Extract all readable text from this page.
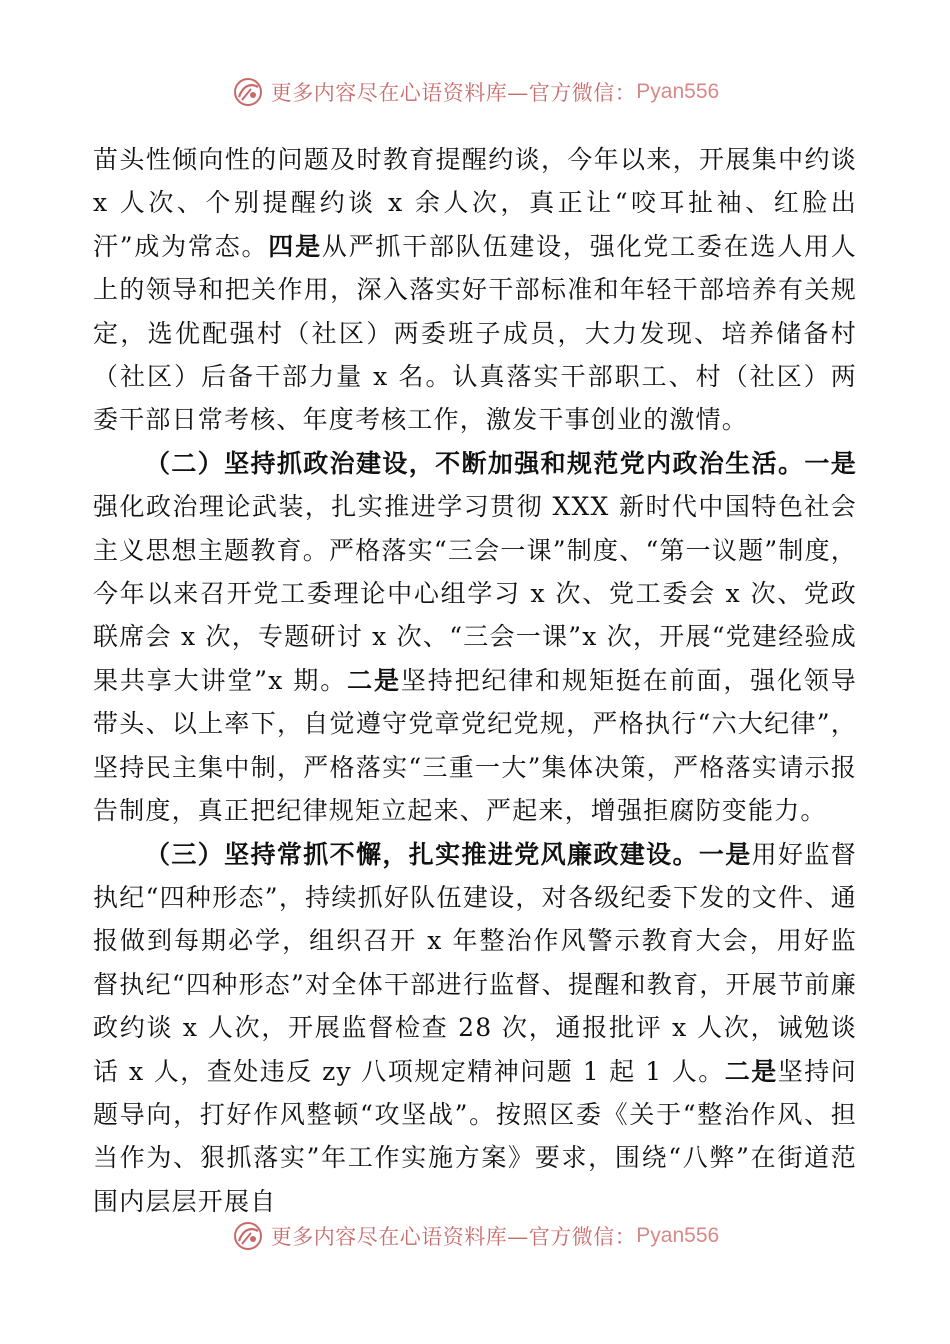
更多内容尽在心语资料库—官方微信： Pyan556

苗头性倾向性的问题及时教育提醒约谈，今年以来，开展集中约谈 x 人次、个别提醒约谈 x 余人次，真正让“咬耳扯袖、红脸出汗”成为常态。四是从严抓干部队伍建设，强化党工委在选人用人上的领导和把关作用，深入落实好干部标准和年轻干部培养有关规定，选优配强村（社区）两委班子成员，大力发现、培养储备村（社区）后备干部力量 x 名。认真落实干部职工、村（社区）两委干部日常考核、年度考核工作，激发干事创业的激情。

（二）坚持抓政治建设，不断加强和规范党内政治生活。一是强化政治理论武装，扎实推进学习贯彻 XXX 新时代中国特色社会主义思想主题教育。严格落实“三会一课”制度、“第一议题”制度，今年以来召开党工委理论中心组学习 x 次、党工委会 x 次、党政联席会 x 次，专题研讨 x 次、“三会一课”x 次，开展“党建经验成果共享大讲堂”x 期。二是坚持把纪律和规矩挺在前面，强化领导带头、以上率下，自觉遵守党章党纪党规，严格执行“六大纪律”，坚持民主集中制，严格落实“三重一大”集体决策，严格落实请示报告制度，真正把纪律规矩立起来、严起来，增强拒腐防变能力。

（三）坚持常抓不懈，扎实推进党风廉政建设。一是用好监督执纪“四种形态”，持续抓好队伍建设，对各级纪委下发的文件、通报做到每期必学，组织召开 x 年整治作风警示教育大会，用好监督执纪“四种形态”对全体干部进行监督、提醒和教育，开展节前廉政约谈 x 人次，开展监督检查 28 次，通报批评 x 人次，诫勉谈话 x 人，查处违反 zy 八项规定精神问题 1 起 1 人。二是坚持问题导向，打好作风整顿“攻坚战”。按照区委《关于“整治作风、担当作为、狠抓落实”年工作实施方案》要求，围绕“八弊”在街道范围内层层开展自

更多内容尽在心语资料库—官方微信： Pyan556
